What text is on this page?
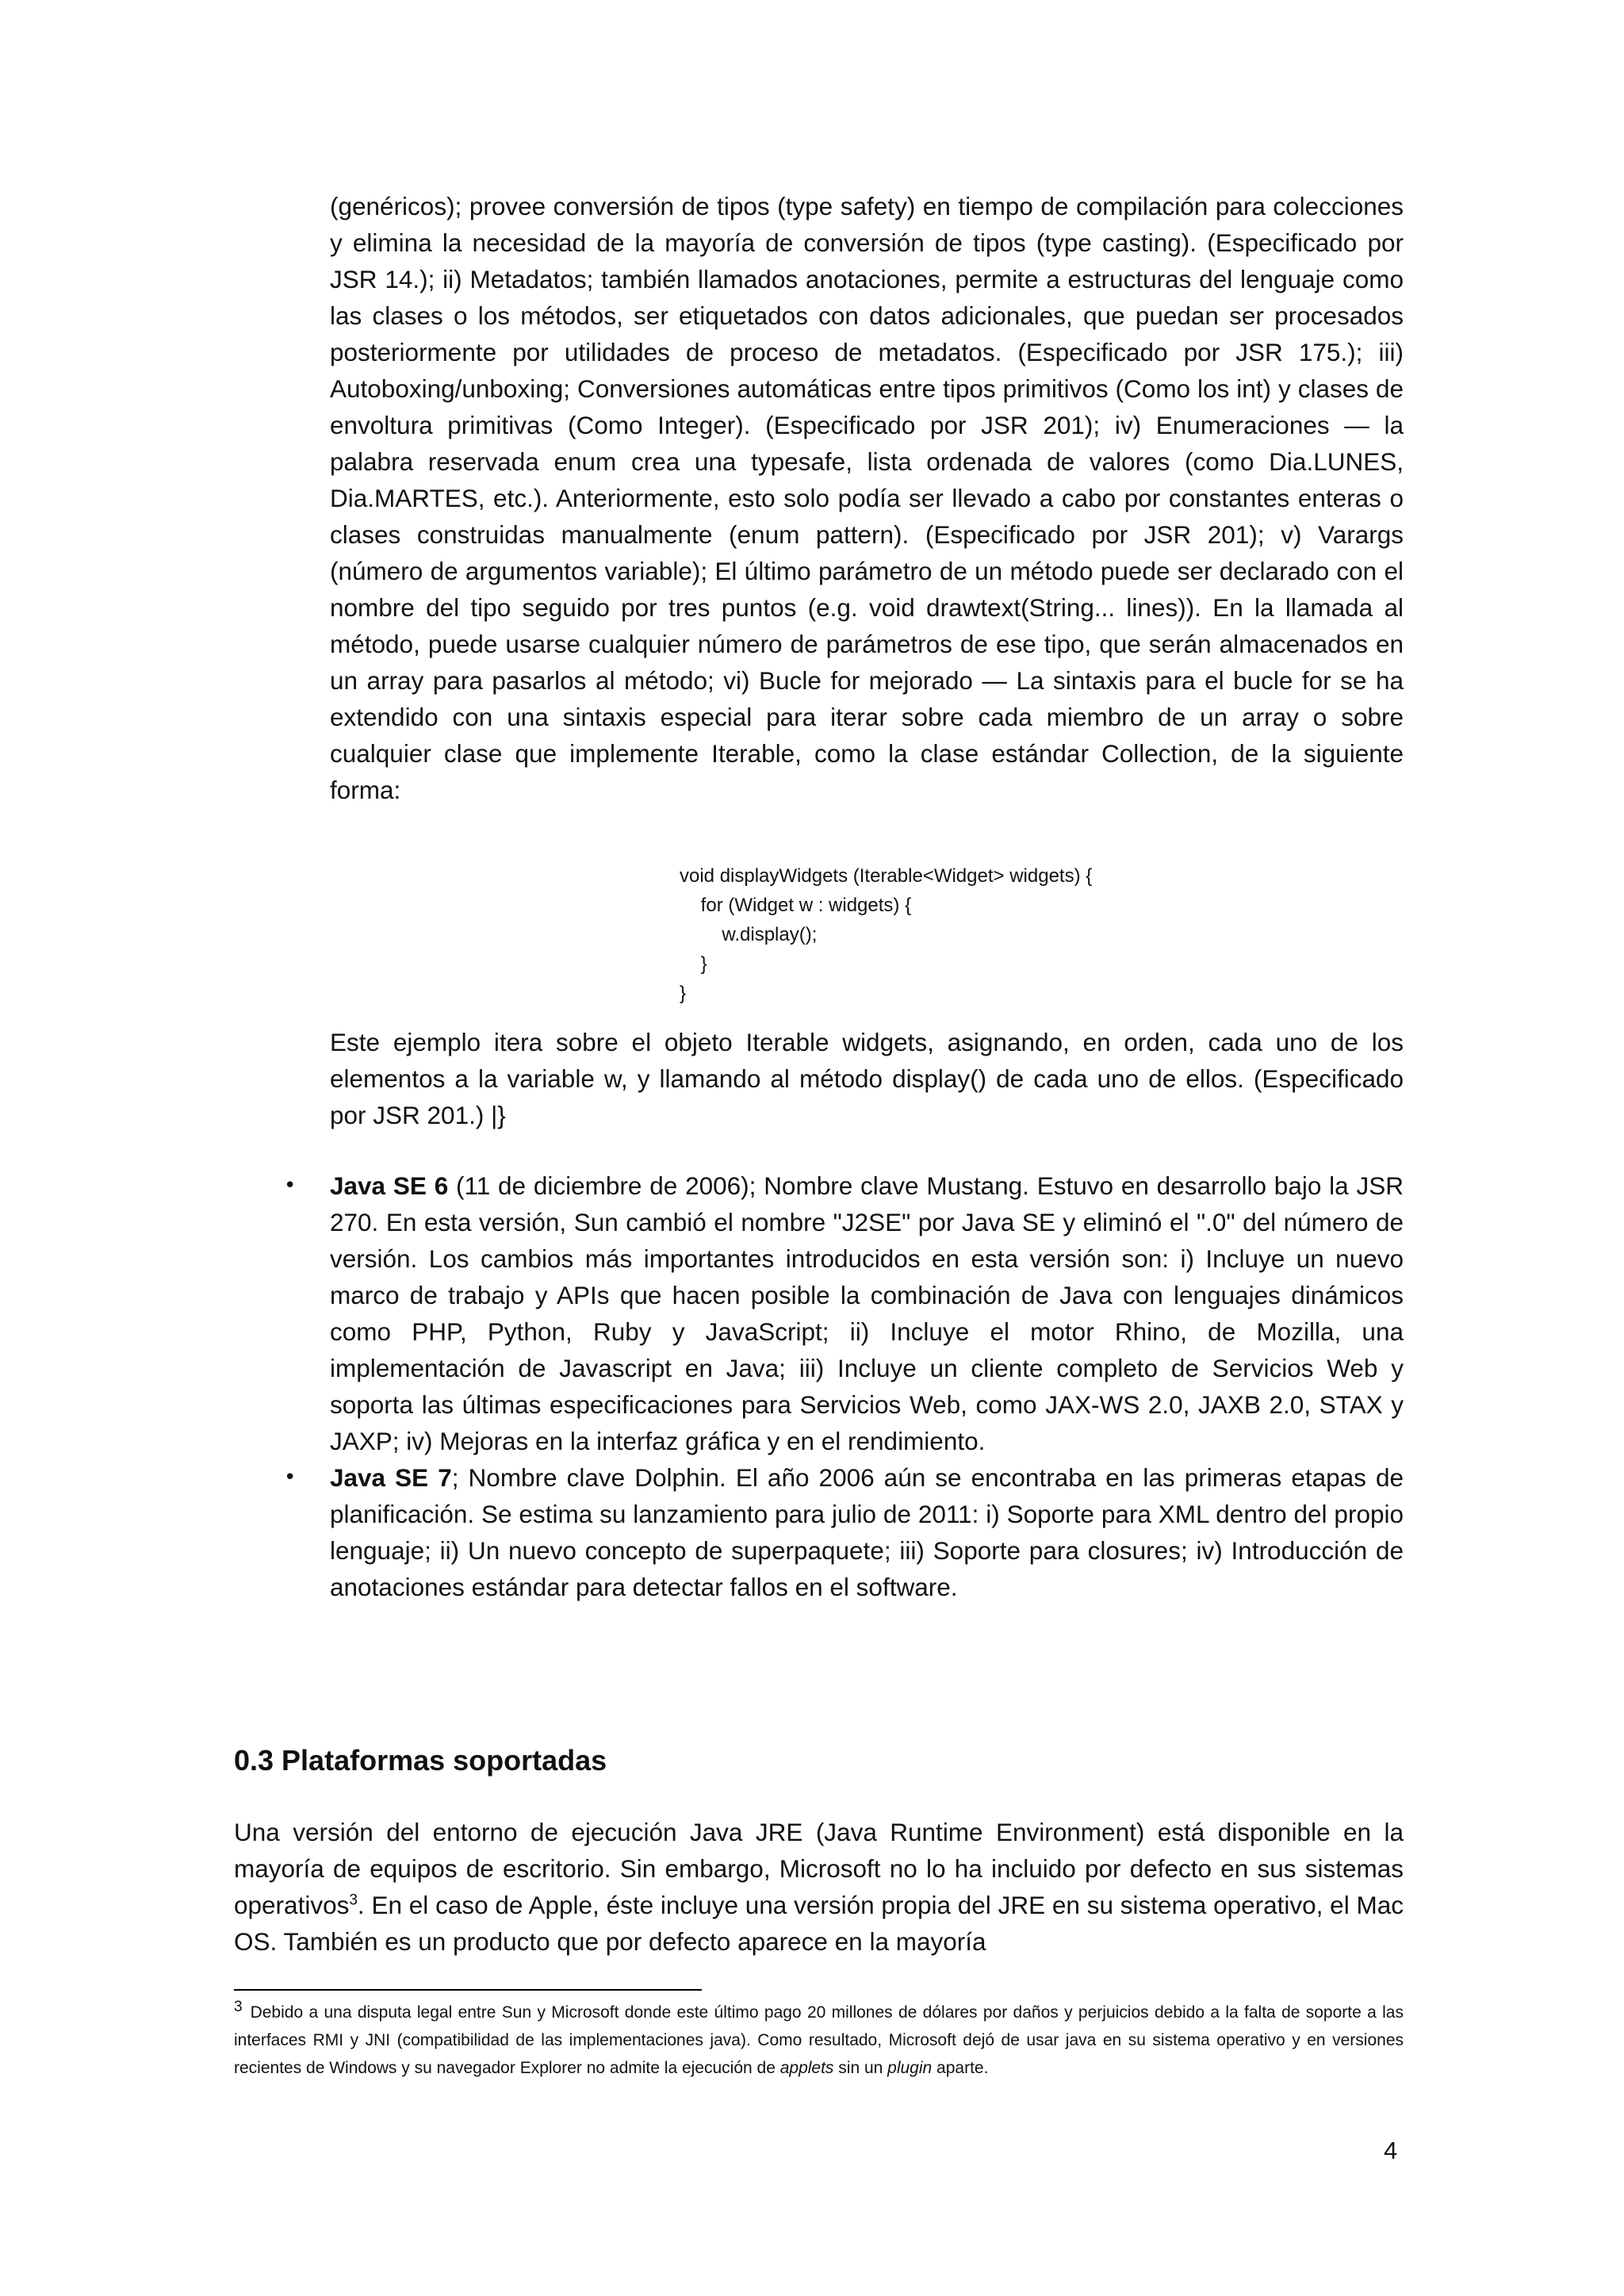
(genéricos); provee conversión de tipos (type safety) en tiempo de compilación para colecciones y elimina la necesidad de la mayoría de conversión de tipos (type casting). (Especificado por JSR 14.); ii) Metadatos; también llamados anotaciones, permite a estructuras del lenguaje como las clases o los métodos, ser etiquetados con datos adicionales, que puedan ser procesados posteriormente por utilidades de proceso de metadatos. (Especificado por JSR 175.); iii) Autoboxing/unboxing; Conversiones automáticas entre tipos primitivos (Como los int) y clases de envoltura primitivas (Como Integer). (Especificado por JSR 201); iv) Enumeraciones — la palabra reservada enum crea una typesafe, lista ordenada de valores (como Dia.LUNES, Dia.MARTES, etc.). Anteriormente, esto solo podía ser llevado a cabo por constantes enteras o clases construidas manualmente (enum pattern). (Especificado por JSR 201); v) Varargs (número de argumentos variable); El último parámetro de un método puede ser declarado con el nombre del tipo seguido por tres puntos (e.g. void drawtext(String... lines)). En la llamada al método, puede usarse cualquier número de parámetros de ese tipo, que serán almacenados en un array para pasarlos al método; vi) Bucle for mejorado — La sintaxis para el bucle for se ha extendido con una sintaxis especial para iterar sobre cada miembro de un array o sobre cualquier clase que implemente Iterable, como la clase estándar Collection, de la siguiente forma:

void displayWidgets (Iterable<Widget> widgets) {
for (Widget w : widgets) {
w.display();
}
}

Este ejemplo itera sobre el objeto Iterable widgets, asignando, en orden, cada uno de los elementos a la variable w, y llamando al método display() de cada uno de ellos. (Especificado por JSR 201.) |}

• Java SE 6 (11 de diciembre de 2006); Nombre clave Mustang. Estuvo en desarrollo bajo la JSR 270. En esta versión, Sun cambió el nombre "J2SE" por Java SE y eliminó el ".0" del número de versión. Los cambios más importantes introducidos en esta versión son: i) Incluye un nuevo marco de trabajo y APIs que hacen posible la combinación de Java con lenguajes dinámicos como PHP, Python, Ruby y JavaScript; ii) Incluye el motor Rhino, de Mozilla, una implementación de Javascript en Java; iii) Incluye un cliente completo de Servicios Web y soporta las últimas especificaciones para Servicios Web, como JAX-WS 2.0, JAXB 2.0, STAX y JAXP; iv) Mejoras en la interfaz gráfica y en el rendimiento.
• Java SE 7; Nombre clave Dolphin. El año 2006 aún se encontraba en las primeras etapas de planificación. Se estima su lanzamiento para julio de 2011: i) Soporte para XML dentro del propio lenguaje; ii) Un nuevo concepto de superpaquete; iii) Soporte para closures; iv) Introducción de anotaciones estándar para detectar fallos en el software.
0.3 Plataformas soportadas

Una versión del entorno de ejecución Java JRE (Java Runtime Environment) está disponible en la mayoría de equipos de escritorio. Sin embargo, Microsoft no lo ha incluido por defecto en sus sistemas operativos$^3$. En el caso de Apple, éste incluye una versión propia del JRE en su sistema operativo, el Mac OS. También es un producto que por defecto aparece en la mayoría

3 Debido a una disputa legal entre Sun y Microsoft donde este último pago 20 millones de dólares por daños y perjuicios debido a la falta de soporte a las interfaces RMI y JNI (compatibilidad de las implementaciones java). Como resultado, Microsoft dejó de usar java en su sistema operativo y en versiones recientes de Windows y su navegador Explorer no admite la ejecución de applets sin un plugin aparte.

4
